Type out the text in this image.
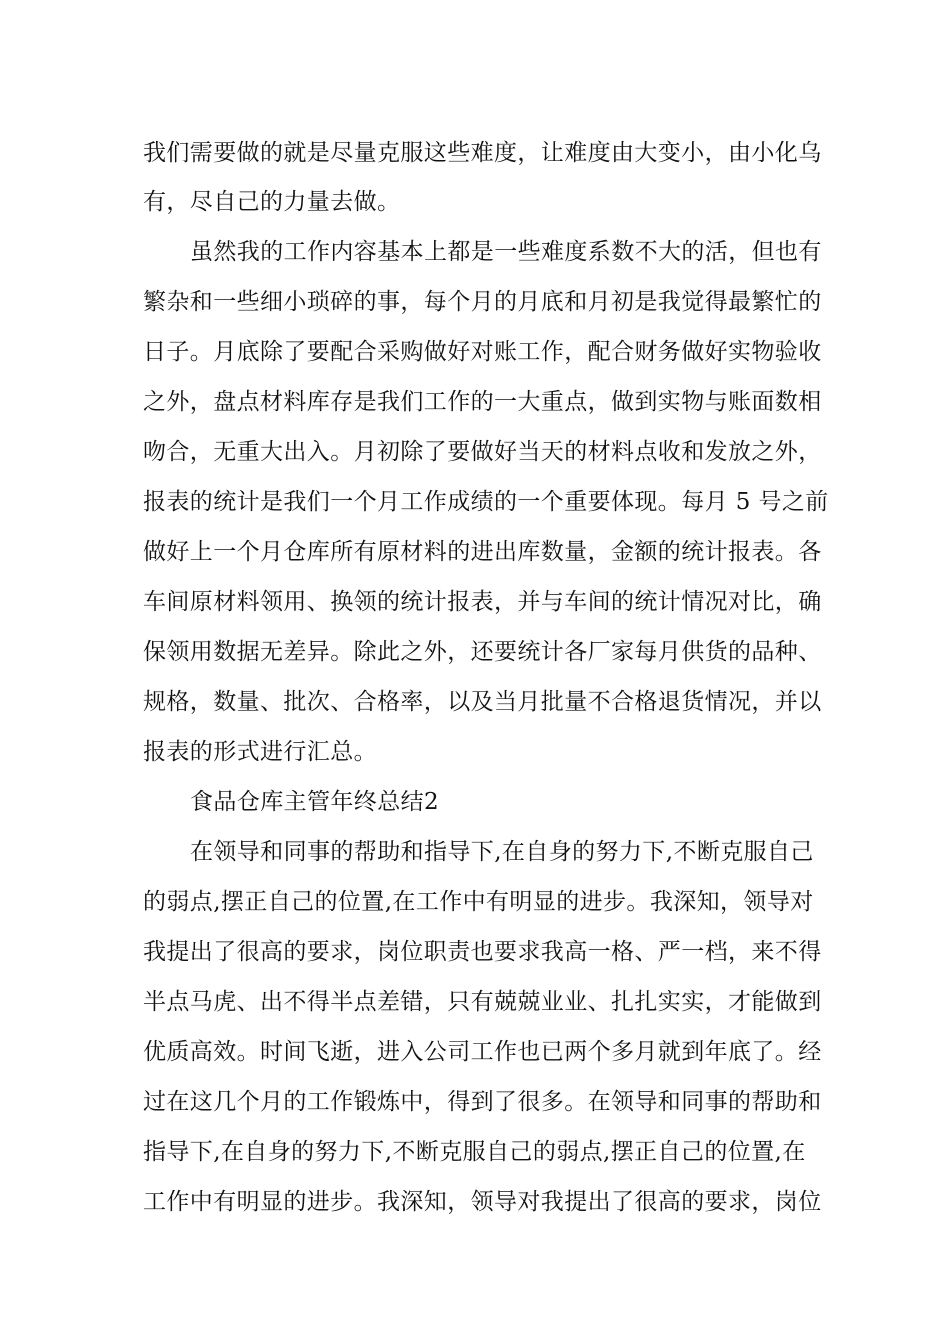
我们需要做的就是尽量克服这些难度，让难度由大变小，由小化乌
有，尽自己的力量去做。
虽然我的工作内容基本上都是一些难度系数不大的活，但也有
繁杂和一些细小琐碎的事，每个月的月底和月初是我觉得最繁忙的
日子。月底除了要配合采购做好对账工作，配合财务做好实物验收
之外，盘点材料库存是我们工作的一大重点，做到实物与账面数相
吻合，无重大出入。月初除了要做好当天的材料点收和发放之外，
报表的统计是我们一个月工作成绩的一个重要体现。每月 5 号之前
做好上一个月仓库所有原材料的进出库数量，金额的统计报表。各
车间原材料领用、换领的统计报表，并与车间的统计情况对比，确
保领用数据无差异。除此之外，还要统计各厂家每月供货的品种、
规格，数量、批次、合格率，以及当月批量不合格退货情况，并以
报表的形式进行汇总。
食品仓库主管年终总结2
在领导和同事的帮助和指导下,在自身的努力下,不断克服自己
的弱点,摆正自己的位置,在工作中有明显的进步。我深知，领导对
我提出了很高的要求，岗位职责也要求我高一格、严一档，来不得
半点马虎、出不得半点差错，只有兢兢业业、扎扎实实，才能做到
优质高效。时间飞逝，进入公司工作也已两个多月就到年底了。经
过在这几个月的工作锻炼中，得到了很多。在领导和同事的帮助和
指导下,在自身的努力下,不断克服自己的弱点,摆正自己的位置,在
工作中有明显的进步。我深知，领导对我提出了很高的要求，岗位
